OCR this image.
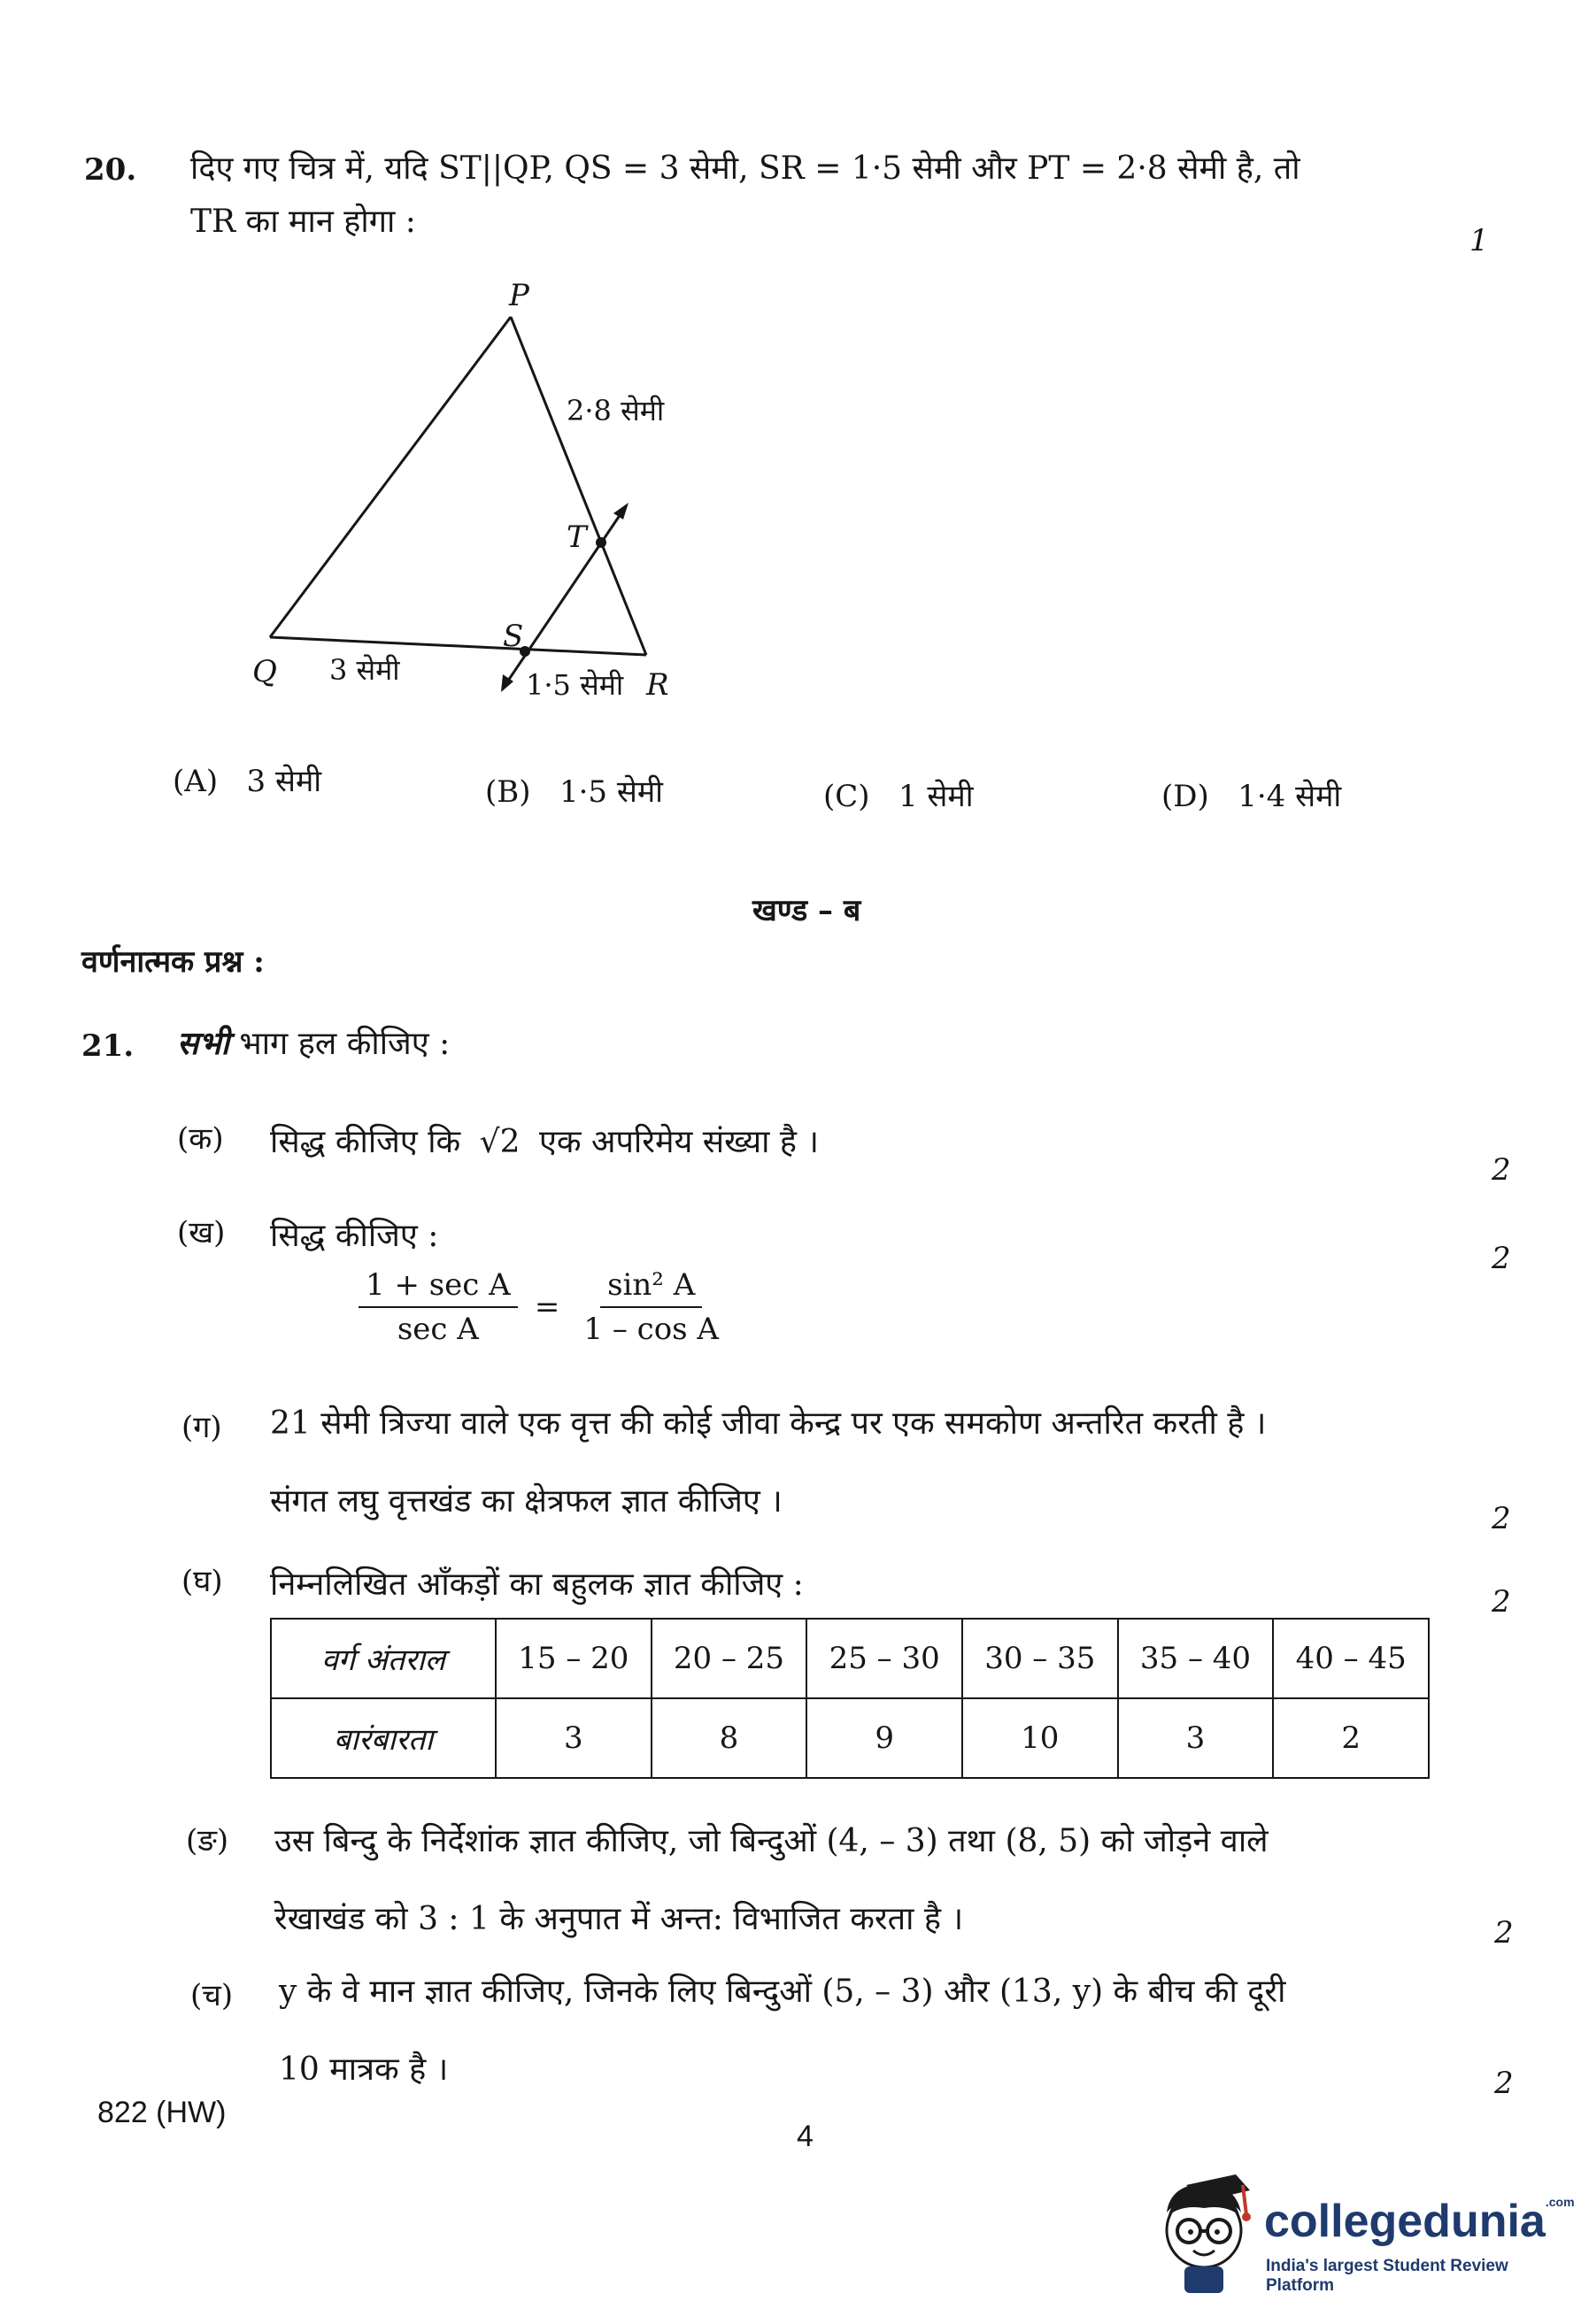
20. दिए गए चित्र में, यदि ST||QP, QS = 3 सेमी, SR = 1·5 सेमी और PT = 2·8 सेमी है, तो
TR का मान होगा :
1
P
T
S
Q	R
2·8 सेमी
3 सेमी	1·5 सेमी
(A) 3 सेमी	(B) 1·5 सेमी	(C) 1 सेमी	(D) 1·4 सेमी
खण्ड – ब
वर्णनात्मक प्रश्न :
21. सभी भाग हल कीजिए :
(क) सिद्ध कीजिए कि √2 एक अपरिमेय संख्या है ।
2
(ख) सिद्ध कीजिए :
2
$\frac{\text{1 + sec A}}{\text{sec A}} = \frac{\text{sin² A}}{\text{1 – cos A}}$
(ग) 21 सेमी त्रिज्या वाले एक वृत्त की कोई जीवा केन्द्र पर एक समकोण अन्तरित करती है ।
संगत लघु वृत्तखंड का क्षेत्रफल ज्ञात कीजिए ।	2
(घ) निम्नलिखित आँकड़ों का बहुलक ज्ञात कीजिए :	2
वर्ग अंतराल	15 – 20	20 – 25	25 – 30	30 – 35	35 – 40	40 – 45
बारंबारता	3	8	9	10	3	2
(ङ) उस बिन्दु के निर्देशांक ज्ञात कीजिए, जो बिन्दुओं (4, – 3) तथा (8, 5) को जोड़ने वाले
रेखाखंड को 3 : 1 के अनुपात में अन्त: विभाजित करता है ।	2
(च) y के वे मान ज्ञात कीजिए, जिनके लिए बिन्दुओं (5, – 3) और (13, y) के बीच की दूरी
10 मात्रक है ।	2
822 (HW)
4
collegedunia$^{.com}$
India's largest Student Review Platform
